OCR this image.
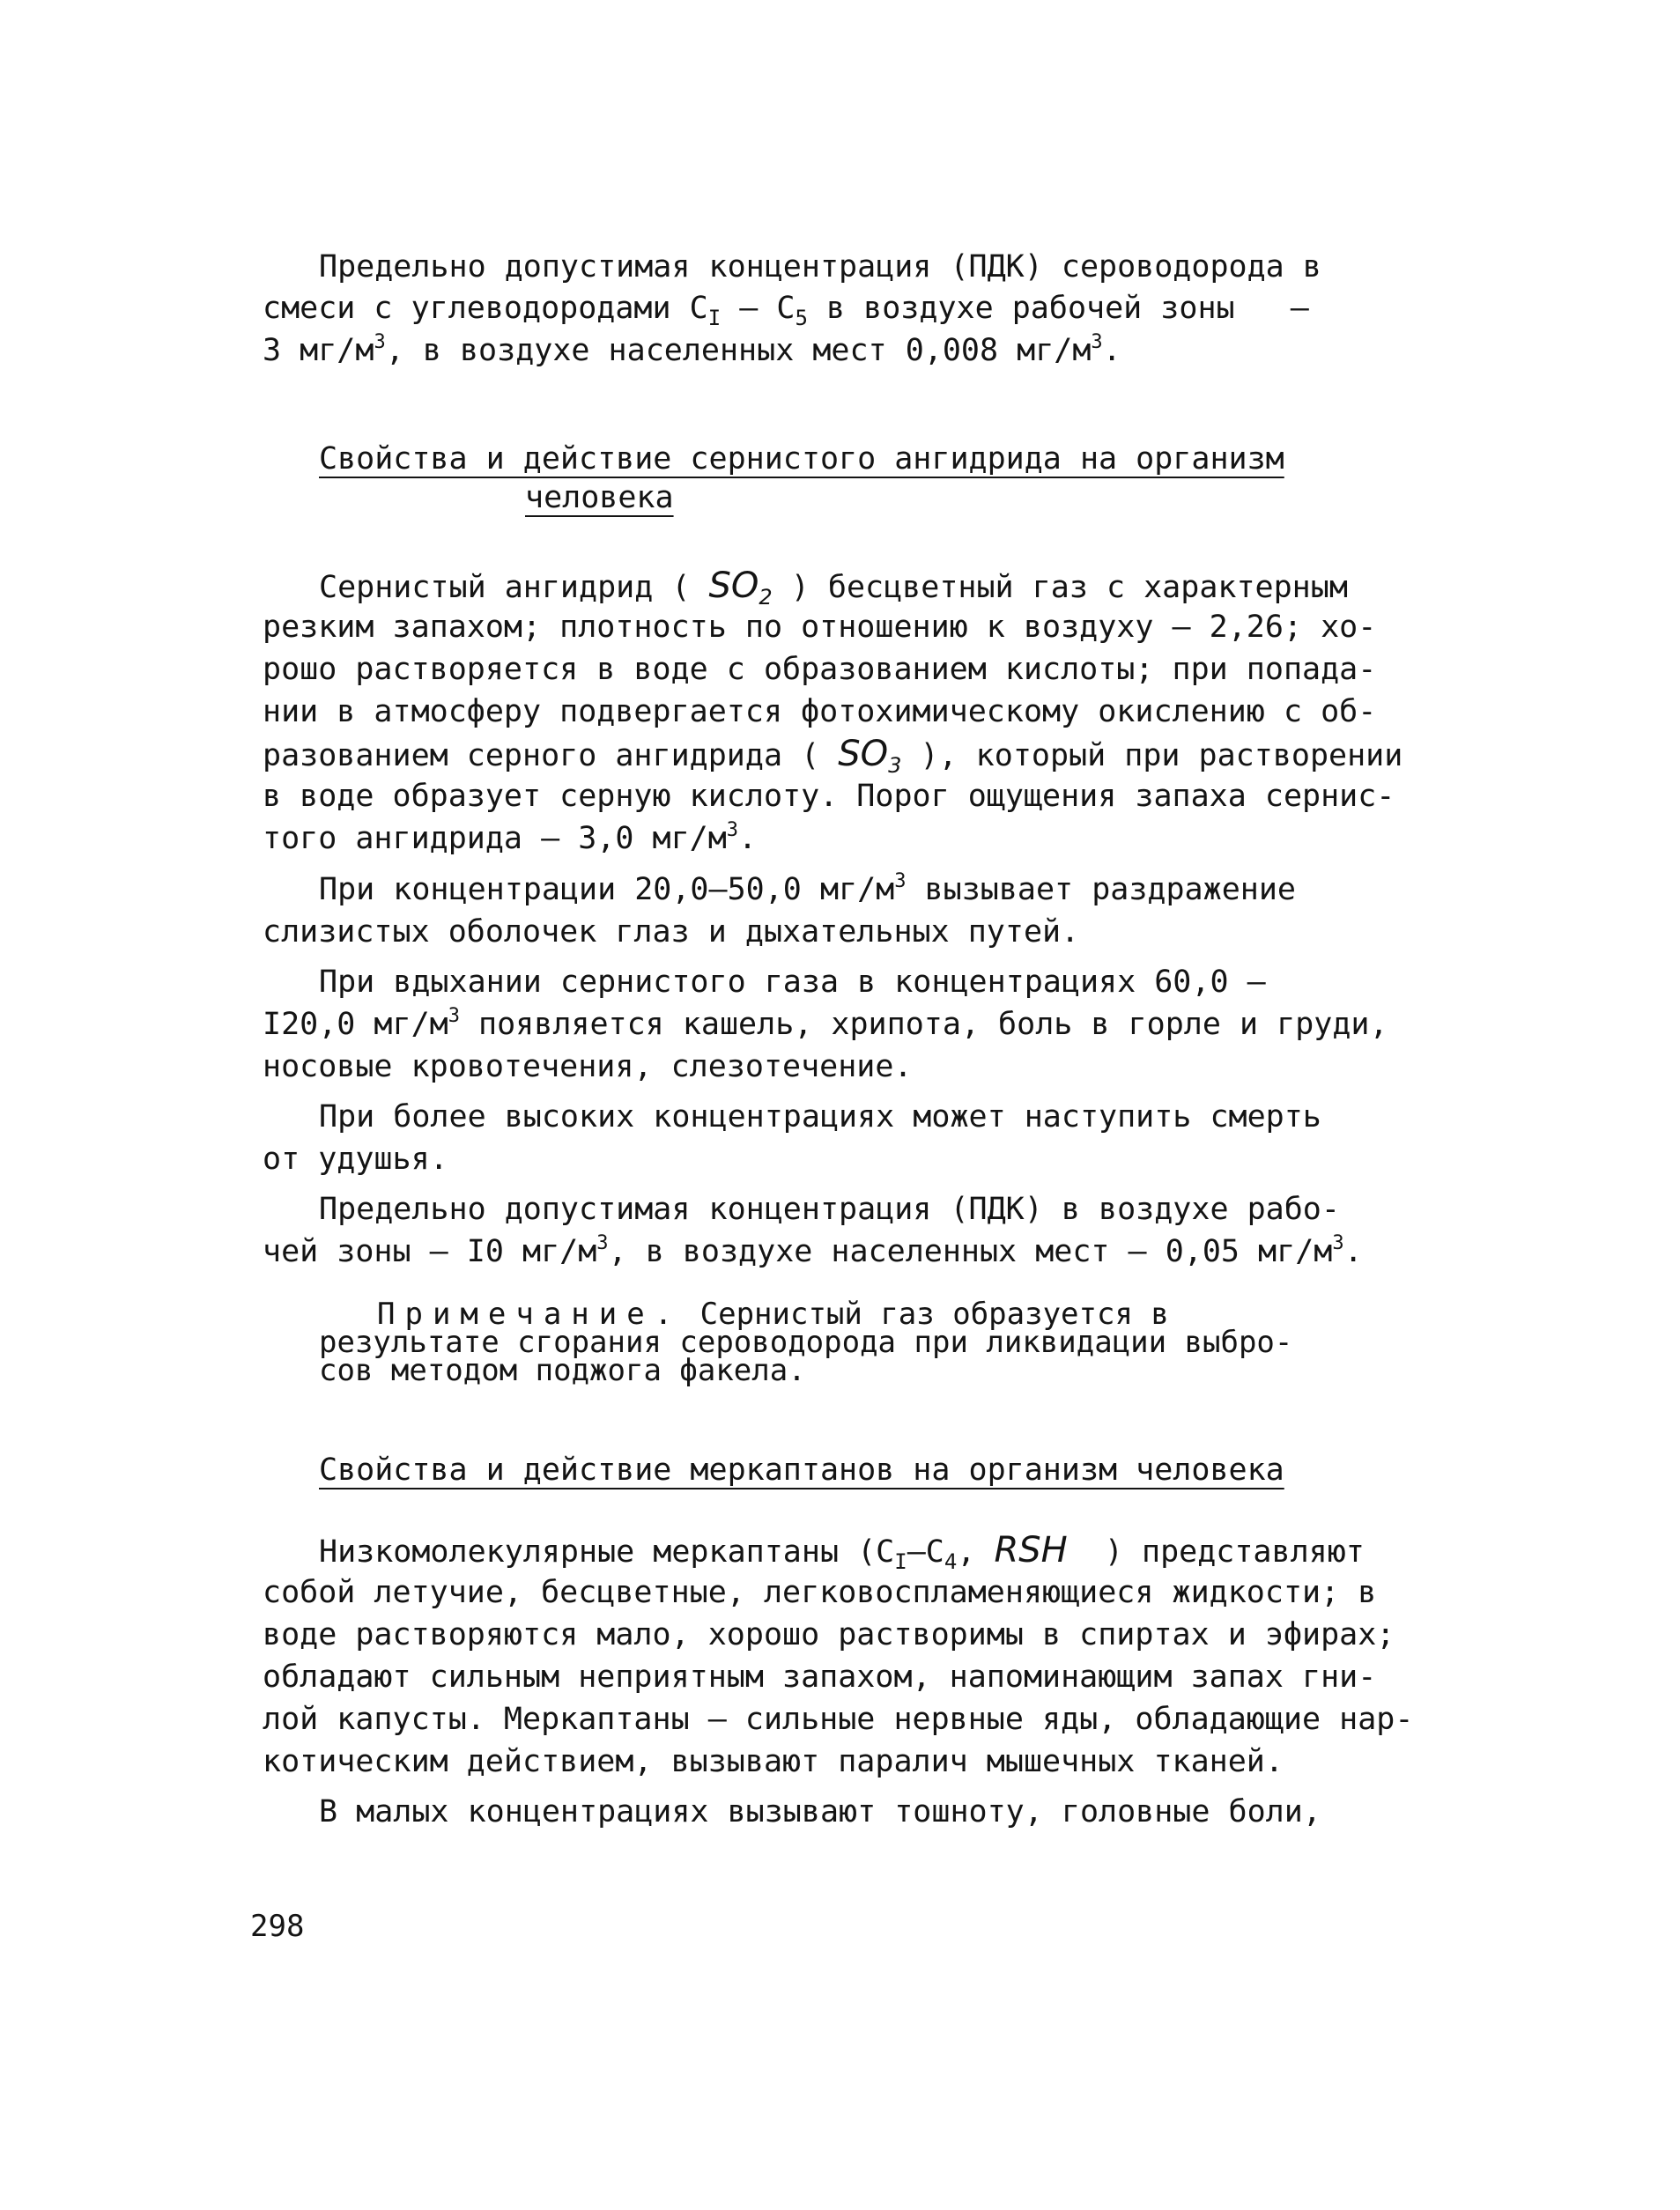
Предельно допустимая концентрация (ПДК) сероводорода в
смеси с углеводородами $С_I - С_5$ в воздухе рабочей зоны   –
3 $мг/м^3$, в воздухе населенных мест 0,008 $мг/м^3$.
Свойства и действие сернистого ангидрида на организм
человека
Сернистый ангидрид ( $SO_2$ ) бесцветный газ с характерным
резким запахом; плотность по отношению к воздуху – 2,26; хо-
рошо растворяется в воде с образованием кислоты; при попада-
нии в атмосферу подвергается фотохимическому окислению с об-
разованием серного ангидрида ( $SO_3$ ), который при растворении
в воде образует серную кислоту. Порог ощущения запаха сернис-
того ангидрида – 3,0 $мг/м^3$.
При концентрации 20,0–50,0 $мг/м^3$ вызывает раздражение
слизистых оболочек глаз и дыхательных путей.
При вдыхании сернистого газа в концентрациях 60,0 –
I20,0 $мг/м^3$ появляется кашель, хрипота, боль в горле и груди,
носовые кровотечения, слезотечение.
При более высоких концентрациях может наступить смерть
от удушья.
Предельно допустимая концентрация (ПДК) в воздухе рабо-
чей зоны – I0 $мг/м^3$, в воздухе населенных мест – 0,05 $мг/м^3$.
Примечание. Сернистый газ образуется в
результате сгорания сероводорода при ликвидации выбро-
сов методом поджога факела.
Свойства и действие меркаптанов на организм человека
Низкомолекулярные меркаптаны ($С_I-С_4$, RSH  ) представляют
собой летучие, бесцветные, легковоспламеняющиеся жидкости; в
воде растворяются мало, хорошо растворимы в спиртах и эфирах;
обладают сильным неприятным запахом, напоминающим запах гни-
лой капусты. Меркаптаны – сильные нервные яды, обладающие нар-
котическим действием, вызывают паралич мышечных тканей.
В малых концентрациях вызывают тошноту, головные боли,
298
